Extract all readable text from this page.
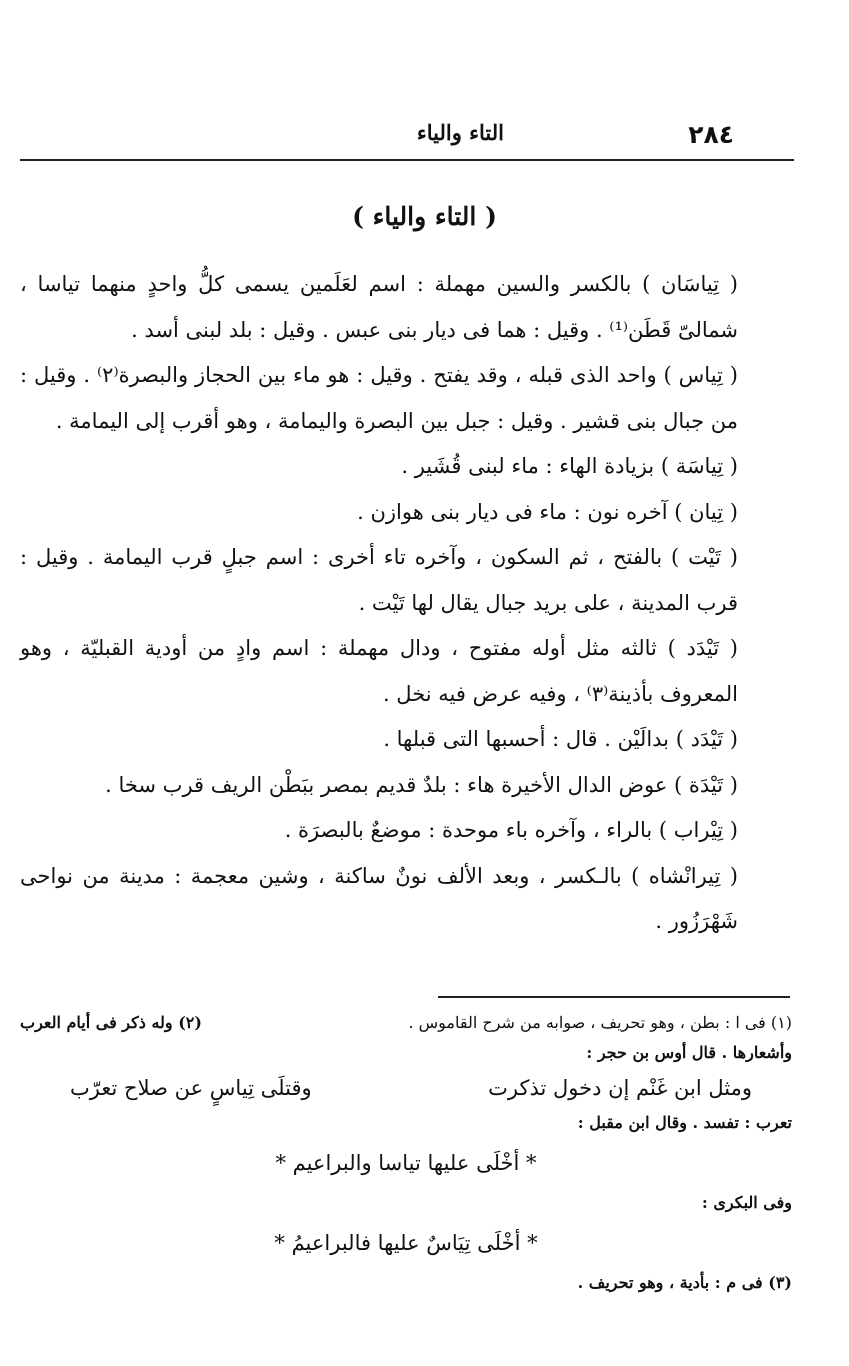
٢٨٤
التاء والياء
( التاء والياء )

( تِياسَان ) بالكسر والسين مهملة : اسم لعَلَمين يسمى كلُّ واحدٍ منهما تياسا ، شمالىّ قَطَن⁽¹⁾ . وقيل : هما فى ديار بنى عبس . وقيل : بلد لبنى أسد .

( تِياس ) واحد الذى قبله ، وقد يفتح . وقيل : هو ماء بين الحجاز والبصرة⁽٢⁾ . وقيل : من جبال بنى قشير . وقيل : جبل بين البصرة واليمامة ، وهو أقرب إلى اليمامة .

( تِياسَة ) بزيادة الهاء : ماء لبنى قُشَير .

( تِيان ) آخره نون : ماء فى ديار بنى هوازن .

( تَيْت ) بالفتح ، ثم السكون ، وآخره تاء أخرى : اسم جبلٍ قرب اليمامة . وقيل : قرب المدينة ، على بريد جبال يقال لها تَيْت .

( تَيْدَد ) ثالثه مثل أوله مفتوح ، ودال مهملة : اسم وادٍ من أودية القبليّة ، وهو المعروف بأذينة⁽٣⁾ ، وفيه عرض فيه نخل .

( تَيْدَد ) بدالَيْن . قال : أحسبها التى قبلها .

( تَيْدَة ) عوض الدال الأخيرة هاء : بلدٌ قديم بمصر ببَطْن الريف قرب سخا .

( تِيْراب ) بالراء ، وآخره باء موحدة : موضعٌ بالبصرَة .

( تِيرانْشاه ) بالـكسر ، وبعد الألف نونٌ ساكنة ، وشين معجمة : مدينة من نواحى شَهْرَزُور .

(١) فى ا : بطن ، وهو تحريف ، صوابه من شرح القاموس .
(٢) وله ذكر فى أيام العرب

وأشعارها . قال أوس بن حجر :

ومثل ابن غَنْم إن دخول تذكرت
وقتلَى تِياسٍ عن صلاح تعرّب

تعرب : تفسد . وقال ابن مقبل :

* أخْلَى عليها تياسا والبراعيم *

وفى البكرى :

* أخْلَى تِيَاسٌ عليها فالبراعيمُ *

(٣) فى م : بأدية ، وهو تحريف .
